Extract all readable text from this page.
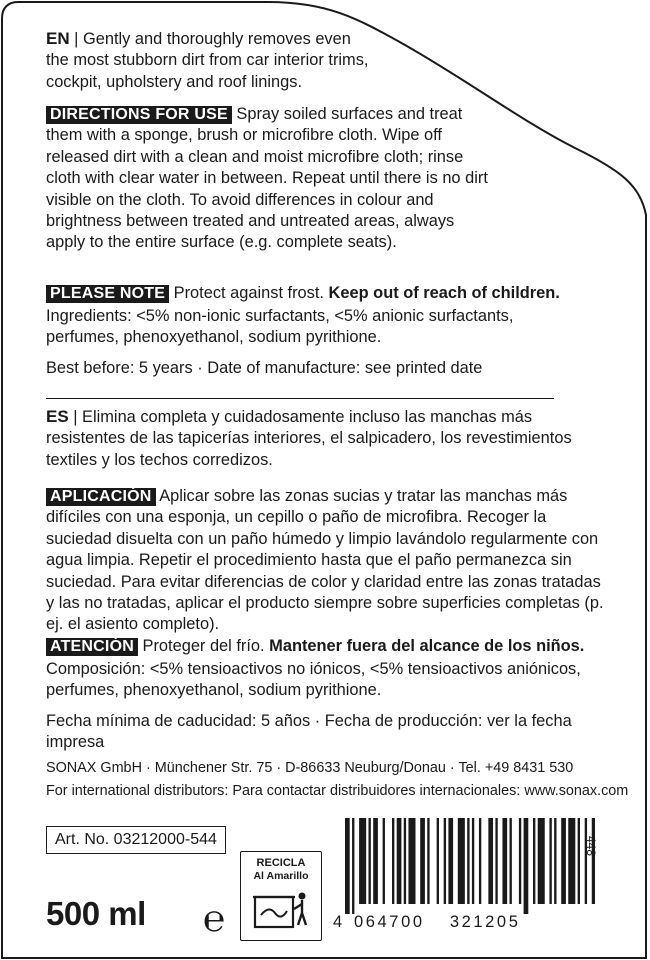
EN | Gently and thoroughly removes even the most stubborn dirt from car interior trims, cockpit, upholstery and roof linings.
DIRECTIONS FOR USE Spray soiled surfaces and treat them with a sponge, brush or microfibre cloth. Wipe off released dirt with a clean and moist microfibre cloth; rinse cloth with clear water in between. Repeat until there is no dirt visible on the cloth. To avoid differences in colour and brightness between treated and untreated areas, always apply to the entire surface (e.g. complete seats).
PLEASE NOTE Protect against frost. Keep out of reach of children.
Ingredients: <5% non-ionic surfactants, <5% anionic surfactants, perfumes, phenoxyethanol, sodium pyrithione.
Best before: 5 years · Date of manufacture: see printed date
ES | Elimina completa y cuidadosamente incluso las manchas más resistentes de las tapicerías interiores, el salpicadero, los revestimientos textiles y los techos corredizos.
APLICACIÓN Aplicar sobre las zonas sucias y tratar las manchas más difíciles con una esponja, un cepillo o paño de microfibra. Recoger la suciedad disuelta con un paño húmedo y limpio lavándolo regularmente con agua limpia. Repetir el procedimiento hasta que el paño permanezca sin suciedad. Para evitar diferencias de color y claridad entre las zonas tratadas y las no tratadas, aplicar el producto siempre sobre superficies completas (p. ej. el asiento completo).
ATENCIÓN Proteger del frío. Mantener fuera del alcance de los niños.
Composición: <5% tensioactivos no iónicos, <5% tensioactivos aniónicos, perfumes, phenoxyethanol, sodium pyrithione.
Fecha mínima de caducidad: 5 años · Fecha de producción: ver la fecha impresa
SONAX GmbH · Münchener Str. 75 · D-86633 Neuburg/Donau · Tel. +49 8431 530
For international distributors: Para contactar distribuidores internacionales: www.sonax.com
Art. No. 03212000-544
500 ml ℮
RECICLA
Al Amarillo
4 064700 321205
448
